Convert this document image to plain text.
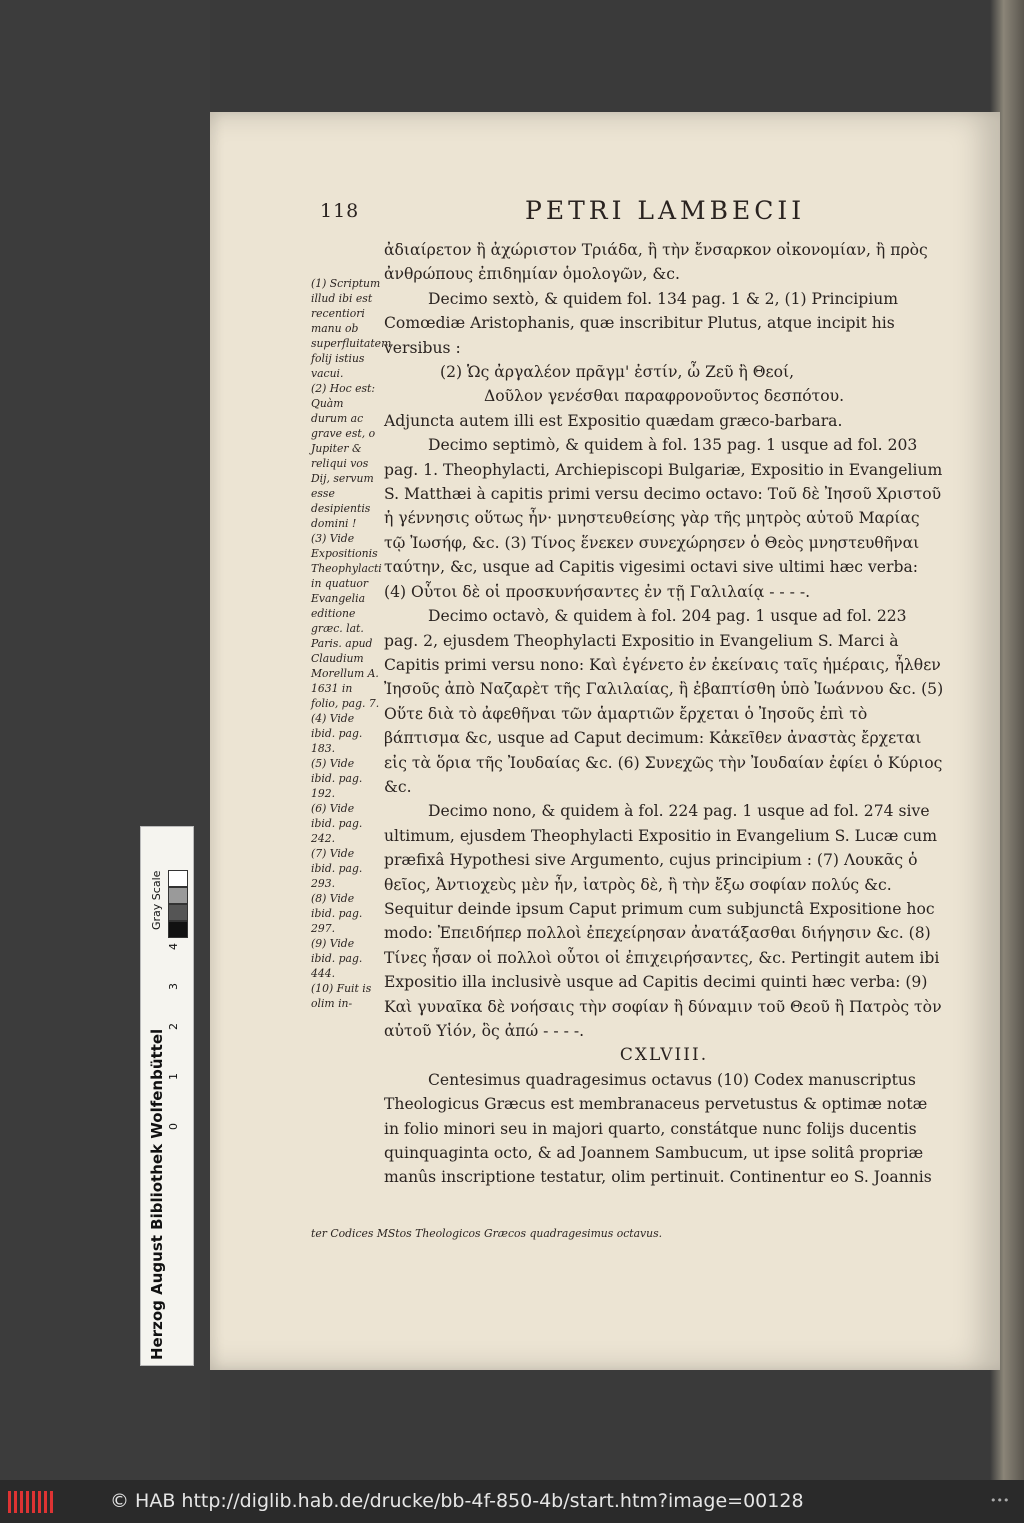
118	PETRI LAMBECII
(1) Scriptum illud ibi est recentiori manu ob superfluitatem folij istius vacui.
(2) Hoc est: Quàm durum ac grave est, o Jupiter & reliqui vos Dij, servum esse desipientis domini !
(3) Vide Expositionis Theophylacti in quatuor Evangelia editione græc. lat. Paris. apud Claudium Morellum A. 1631 in folio, pag. 7.
(4) Vide ibid. pag. 183.
(5) Vide ibid. pag. 192.
(6) Vide ibid. pag. 242.
(7) Vide ibid. pag. 293.
(8) Vide ibid. pag. 297.
(9) Vide ibid. pag. 444.
(10) Fuit is olim in-

ἀδιαίρετον ἢ ἀχώριστον Τριάδα, ἢ τὴν ἔνσαρκον οἰκονομίαν, ἢ πρὸς

ἀνθρώπους ἐπιδημίαν ὁμολογῶν, &c.

Decimo sextò, & quidem fol. 134 pag. 1 & 2, (1) Principium Comœdiæ Aristophanis, quæ inscribitur Plutus, atque incipit his versibus :

(2) Ὡς ἀργαλέον πρᾶγμ' ἐστίν, ὦ Ζεῦ ἢ Θεοί,

Δοῦλον γενέσθαι παραφρονοῦντος δεσπότου.

Adjuncta autem illi est Expositio quædam græco-barbara.

Decimo septimò, & quidem à fol. 135 pag. 1 usque ad fol. 203 pag. 1. Theophylacti, Archiepiscopi Bulgariæ, Expositio in Evangelium S. Matthæi à capitis primi versu decimo octavo: Τοῦ δὲ Ἰησοῦ Χριστοῦ ἡ γέννησις οὕτως ἦν· μνηστευθείσης γὰρ τῆς μητρὸς αὐτοῦ Μαρίας τῷ Ἰωσήφ, &c. (3) Τίνος ἕνεκεν συνεχώρησεν ὁ Θεὸς μνηστευθῆναι ταύτην, &c, usque ad Capitis vigesimi octavi sive ultimi hæc verba: (4) Οὗτοι δὲ οἱ προσκυνήσαντες ἐν τῇ Γαλιλαίᾳ - - - -.

Decimo octavò, & quidem à fol. 204 pag. 1 usque ad fol. 223 pag. 2, ejusdem Theophylacti Expositio in Evangelium S. Marci à Capitis primi versu nono: Καὶ ἐγένετο ἐν ἐκείναις ταῖς ἡμέραις, ἦλθεν Ἰησοῦς ἀπὸ Ναζαρὲτ τῆς Γαλιλαίας, ἢ ἐβαπτίσθη ὑπὸ Ἰωάννου &c. (5) Οὕτε διὰ τὸ ἀφεθῆναι τῶν ἁμαρτιῶν ἔρχεται ὁ Ἰησοῦς ἐπὶ τὸ βάπτισμα &c, usque ad Caput decimum: Κἀκεῖθεν ἀναστὰς ἔρχεται εἰς τὰ ὅρια τῆς Ἰουδαίας &c. (6) Συνεχῶς τὴν Ἰουδαίαν ἐφίει ὁ Κύριος &c.

Decimo nono, & quidem à fol. 224 pag. 1 usque ad fol. 274 sive ultimum, ejusdem Theophylacti Expositio in Evangelium S. Lucæ cum præfixâ Hypothesi sive Argumento, cujus principium : (7) Λουκᾶς ὁ θεῖος, Ἀντιοχεὺς μὲν ἦν, ἰατρὸς δὲ, ἢ τὴν ἔξω σοφίαν πολύς &c. Sequitur deinde ipsum Caput primum cum subjunctâ Expositione hoc modo: Ἐπειδήπερ πολλοὶ ἐπεχείρησαν ἀνατάξασθαι διήγησιν &c. (8) Τίνες ἦσαν οἱ πολλοὶ οὗτοι οἱ ἐπιχειρήσαντες, &c. Pertingit autem ibi Expositio illa inclusivè usque ad Capitis decimi quinti hæc verba: (9) Καὶ γυναῖκα δὲ νοήσαις τὴν σοφίαν ἢ δύναμιν τοῦ Θεοῦ ἢ Πατρὸς τὸν αὐτοῦ Υἱόν, ὃς ἀπώ - - - -.

CXLVIII.

Centesimus quadragesimus octavus (10) Codex manuscriptus Theologicus Græcus est membranaceus pervetustus & optimæ notæ in folio minori seu in majori quarto, constátque nunc folijs ducentis quinquaginta octo, & ad Joannem Sambucum, ut ipse solitâ propriæ manûs inscriptione testatur, olim pertinuit. Continentur eo S. Joannis

ter Codices MStos Theologicos Græcos quadragesimus octavus.
Gray Scale
4
3
2
1
0
Herzog August Bibliothek Wolfenbüttel
© HAB http://diglib.hab.de/drucke/bb-4f-850-4b/start.htm?image=00128	•••
